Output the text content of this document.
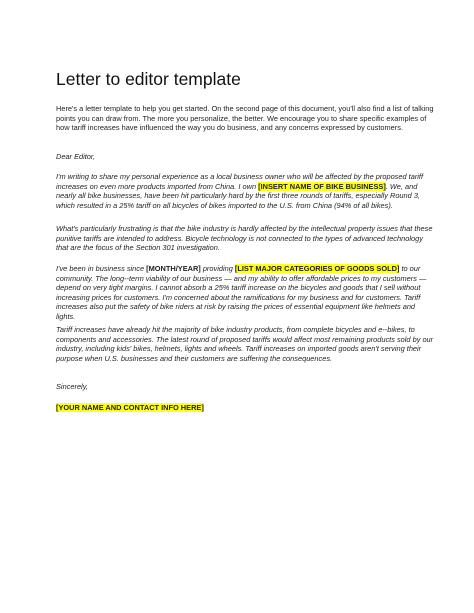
Letter to editor template

Here's a letter template to help you get started. On the second page of this document, you'll also find a list of talking points you can draw from. The more you personalize, the better. We encourage you to share specific examples of how tariff increases have influenced the way you do business, and any concerns expressed by customers.

Dear Editor,

I'm writing to share my personal experience as a local business owner who will be affected by the proposed tariff increases on even more products imported from China. I own [INSERT NAME OF BIKE BUSINESS]. We, and nearly all bike businesses, have been hit particularly hard by the first three rounds of tariffs, especially Round 3, which resulted in a 25% tariff on all bicycles of bikes imported to the U.S. from China (94% of all bikes).

What's particularly frustrating is that the bike industry is hardly affected by the intellectual property issues that these punitive tariffs are intended to address. Bicycle technology is not connected to the types of advanced technology that are the focus of the Section 301 investigation.

I've been in business since [MONTH/YEAR] providing [LIST MAJOR CATEGORIES OF GOODS SOLD] to our community. The long--term viability of our business — and my ability to offer affordable prices to my customers — depend on very tight margins. I cannot absorb a 25% tariff increase on the bicycles and goods that I sell without increasing prices for customers. I'm concerned about the ramifications for my business and for customers. Tariff increases also put the safety of bike riders at risk by raising the prices of essential equipment like helmets and lights.

Tariff increases have already hit the majority of bike industry products, from complete bicycles and e--bikes, to components and accessories. The latest round of proposed tariffs would affect most remaining products sold by our industry, including kids' bikes, helmets, lights and wheels. Tariff increases on imported goods aren't serving their purpose when U.S. businesses and their customers are suffering the consequences.

Sincerely,

[YOUR NAME AND CONTACT INFO HERE]
